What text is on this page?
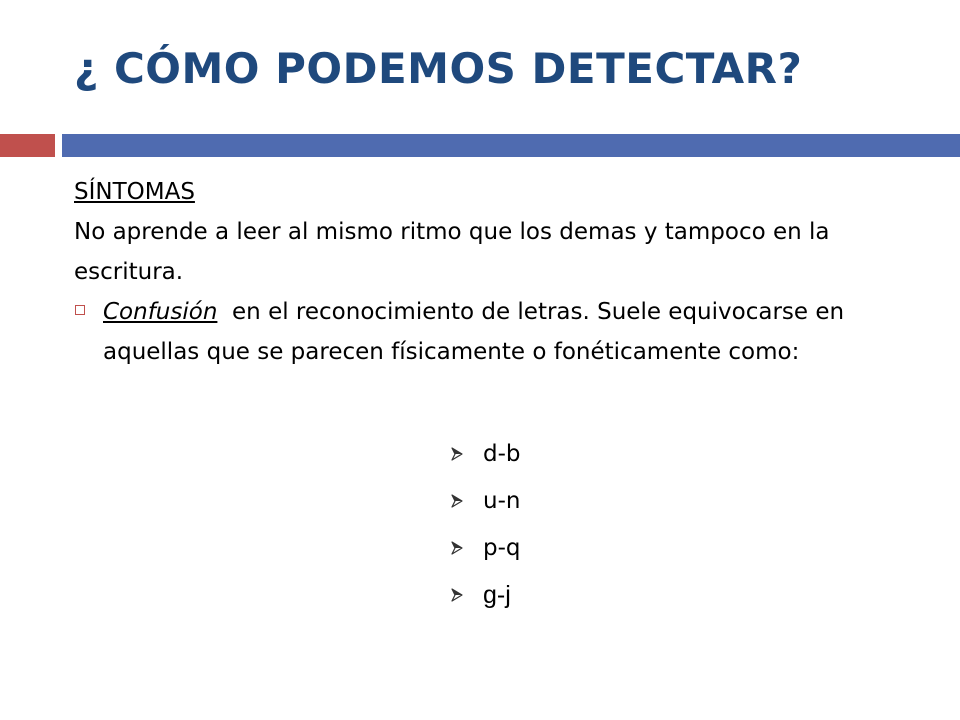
¿ CÓMO PODEMOS DETECTAR?
SÍNTOMAS
No aprende a leer al mismo ritmo que los demas y tampoco en la escritura.
Confusión  en el reconocimiento de letras. Suele equivocarse en aquellas que se parecen físicamente o fonéticamente como:
d-b
u-n
p-q
g-j
